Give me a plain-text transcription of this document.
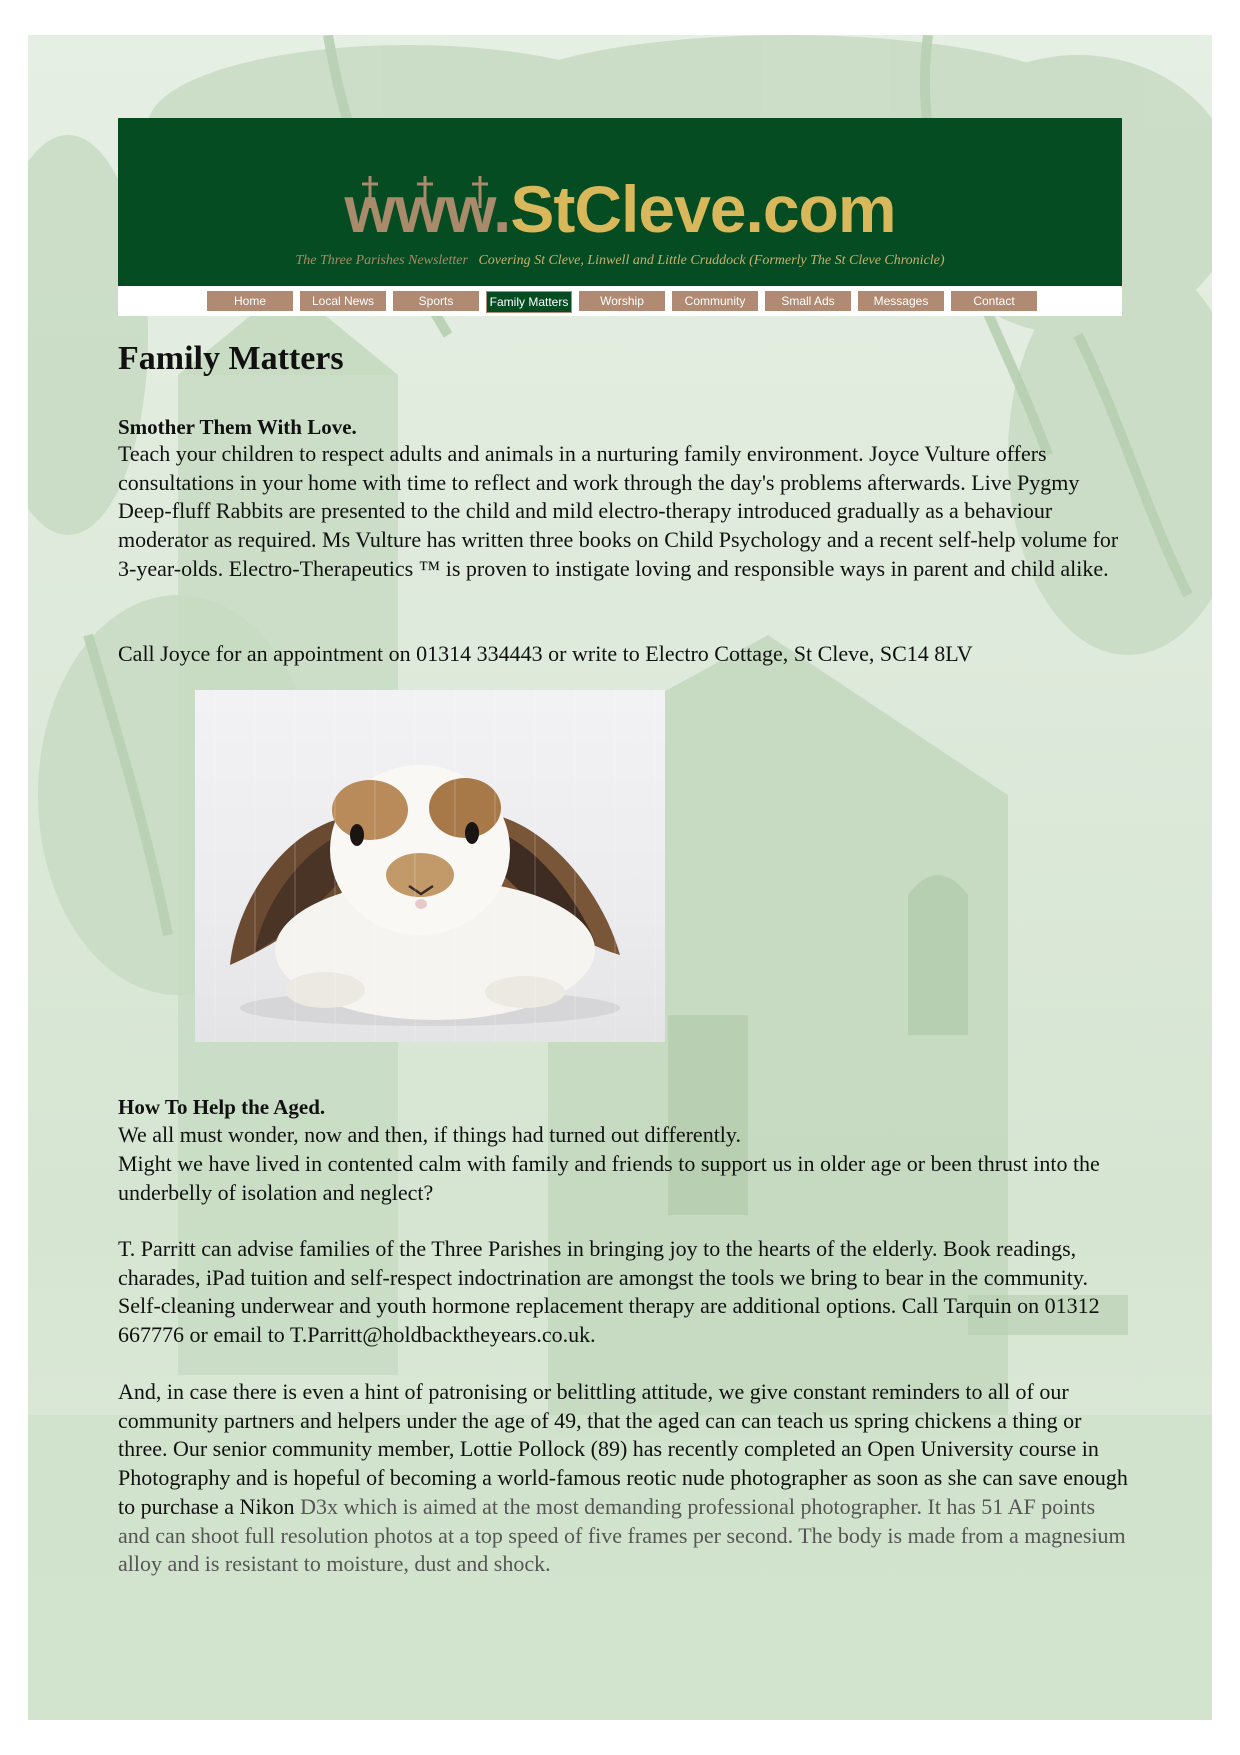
www.StCleve.com
The Three Parishes Newsletter Covering St Cleve, Linwell and Little Cruddock (Formerly The St Cleve Chronicle)
Home	Local News	Sports	Family Matters	Worship	Community	Small Ads	Messages	Contact
Family Matters
Smother Them With Love.

Teach your children to respect adults and animals in a nurturing family environment. Joyce Vulture offers consultations in your home with time to reflect and work through the day's problems afterwards. Live Pygmy Deep-fluff Rabbits are presented to the child and mild electro-therapy introduced gradually as a behaviour moderator as required. Ms Vulture has written three books on Child Psychology and a recent self-help volume for 3-year-olds. Electro-Therapeutics ™ is proven to instigate loving and responsible ways in parent and child alike.

Call Joyce for an appointment on 01314 334443 or write to Electro Cottage, St Cleve, SC14 8LV

How To Help the Aged.

We all must wonder, now and then, if things had turned out differently.

Might we have lived in contented calm with family and friends to support us in older age or been thrust into the underbelly of isolation and neglect?

T. Parritt can advise families of the Three Parishes in bringing joy to the hearts of the elderly. Book readings, charades, iPad tuition and self-respect indoctrination are amongst the tools we bring to bear in the community. Self-cleaning underwear and youth hormone replacement therapy are additional options. Call Tarquin on 01312 667776 or email to T.Parritt@holdbacktheyears.co.uk.

And, in case there is even a hint of patronising or belittling attitude, we give constant reminders to all of our community partners and helpers under the age of 49, that the aged can can teach us spring chickens a thing or three. Our senior community member, Lottie Pollock (89) has recently completed an Open University course in Photography and is hopeful of becoming a world-famous reotic nude photographer as soon as she can save enough to purchase a Nikon D3x which is aimed at the most demanding professional photographer. It has 51 AF points and can shoot full resolution photos at a top speed of five frames per second. The body is made from a magnesium alloy and is resistant to moisture, dust and shock.
